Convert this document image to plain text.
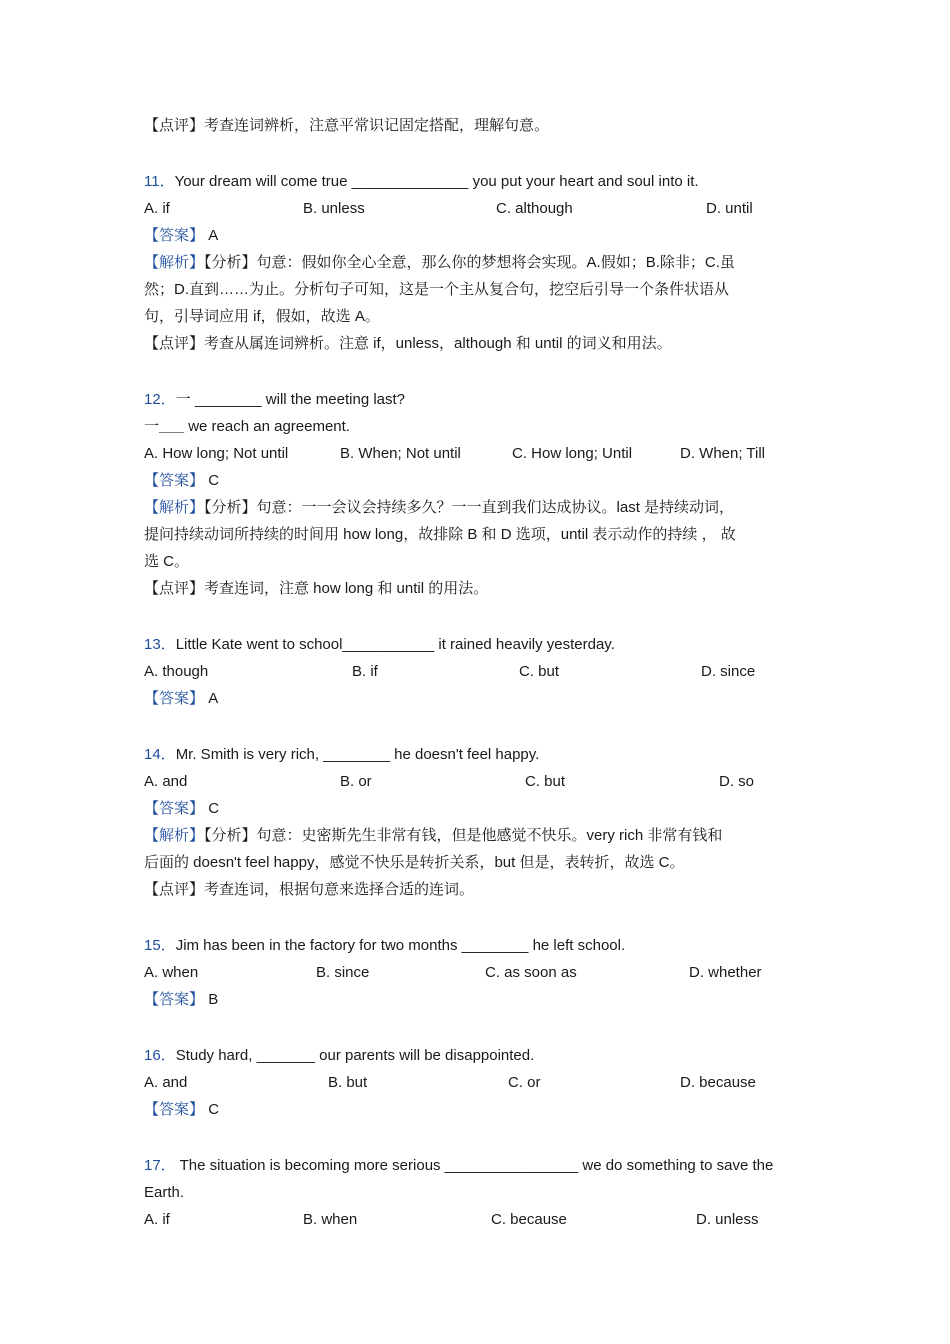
【点评】考查连词辨析，注意平常识记固定搭配，理解句意。
11．Your dream will come true ______________ you put your heart and soul into it.
A. if	B. unless	C. although	D. until
【答案】 A
【解析】【分析】句意：假如你全心全意，那么你的梦想将会实现。A.假如；B.除非；C.虽
然；D.直到……为止。分析句子可知，这是一个主从复合句，挖空后引导一个条件状语从
句，引导词应用 if，假如，故选 A。
【点评】考查从属连词辨析。注意 if，unless，although 和 until 的词义和用法。
12．一 ________ will the meeting last?
一___ we reach an agreement.
A. How long; Not until	B. When; Not until	C. How long; Until	D. When; Till
【答案】 C
【解析】【分析】句意：一一会议会持续多久？一一直到我们达成协议。last 是持续动词，
提问持续动词所持续的时间用 how long，故排除 B 和 D 选项，until 表示动作的持续 ， 故
选 C。
【点评】考查连词，注意 how long 和 until 的用法。
13．Little Kate went to school___________ it rained heavily yesterday.
A. though	B. if	C. but	D. since
【答案】 A
14．Mr. Smith is very rich, ________ he doesn't feel happy.
A. and	B. or	C. but	D. so
【答案】 C
【解析】【分析】句意：史密斯先生非常有钱，但是他感觉不快乐。very rich 非常有钱和
后面的 doesn't feel happy，感觉不快乐是转折关系，but 但是，表转折，故选 C。
【点评】考查连词，根据句意来选择合适的连词。
15．Jim has been in the factory for two months ________ he left school.
A. when	B. since	C. as soon as	D. whether
【答案】 B
16．Study hard, _______ our parents will be disappointed.
A. and	B. but	C. or	D. because
【答案】 C
17． The situation is becoming more serious ________________ we do something to save the
Earth.
A. if	B. when	C. because	D. unless
